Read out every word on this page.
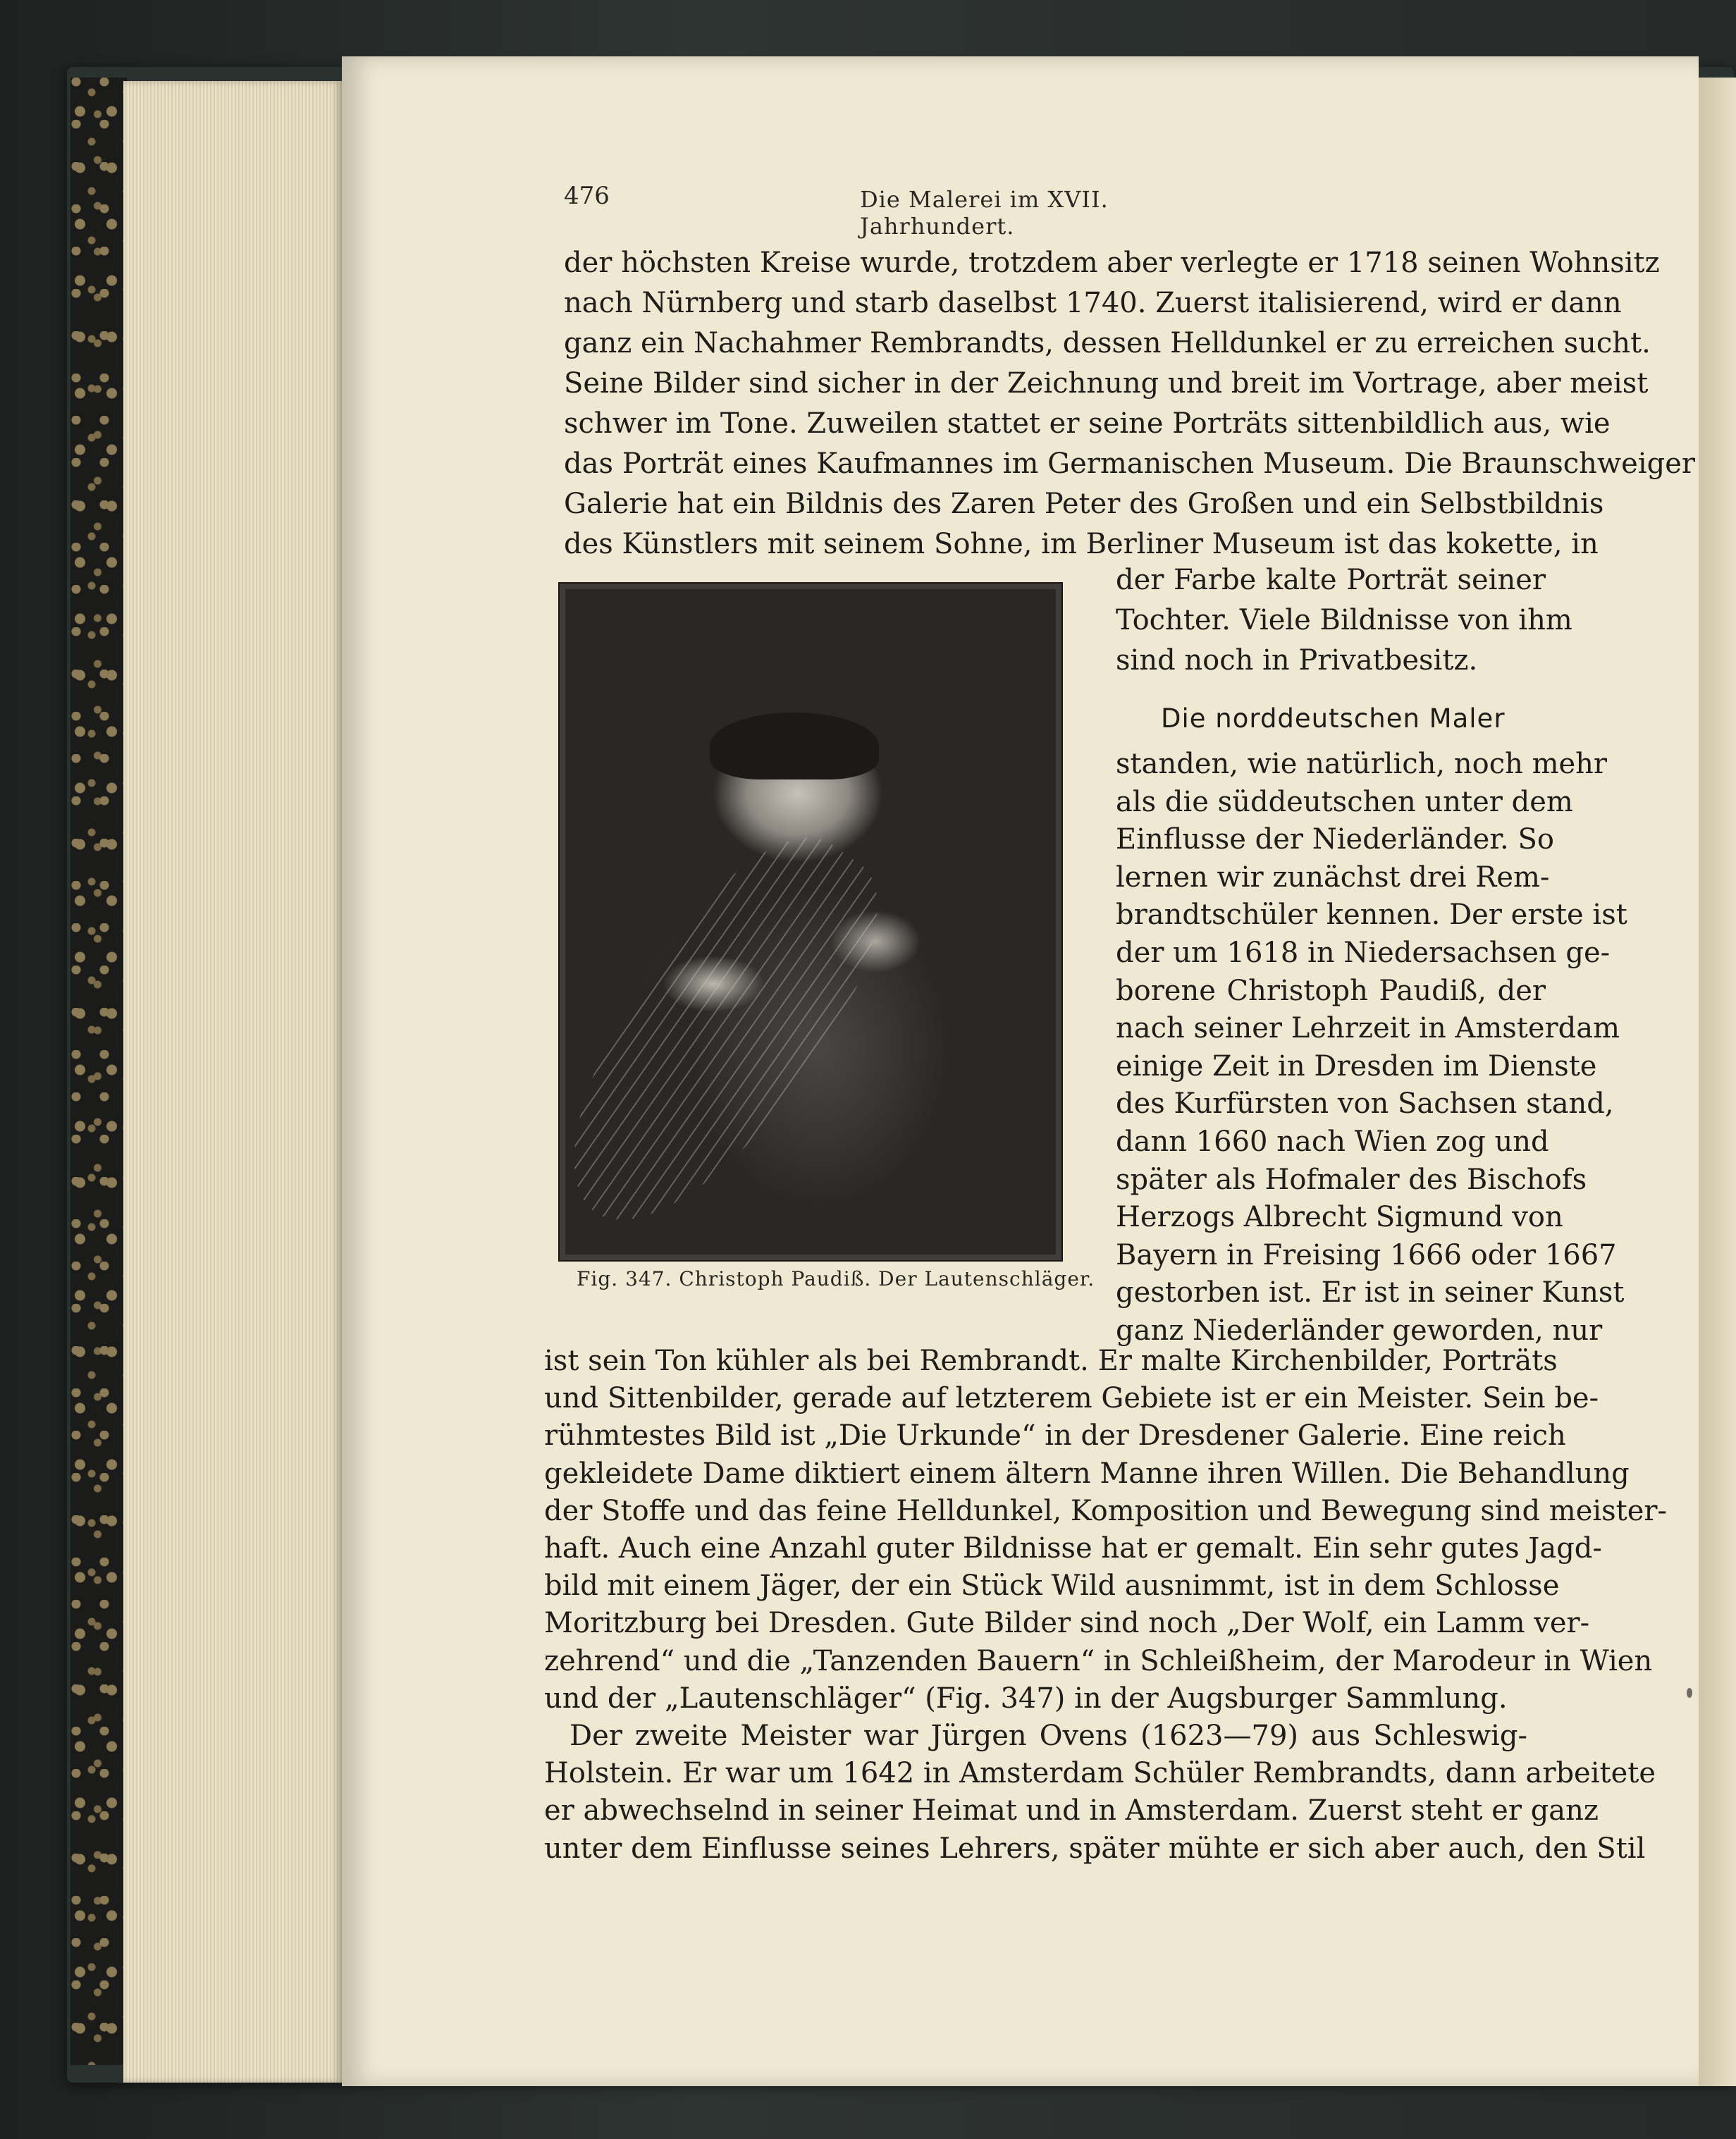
476	Die Malerei im XVII. Jahrhundert.
der höchsten Kreise wurde, trotzdem aber verlegte er 1718 seinen Wohnsitz
nach Nürnberg und starb daselbst 1740. Zuerst italisierend, wird er dann
ganz ein Nachahmer Rembrandts, dessen Helldunkel er zu erreichen sucht.
Seine Bilder sind sicher in der Zeichnung und breit im Vortrage, aber meist
schwer im Tone. Zuweilen stattet er seine Porträts sittenbildlich aus, wie
das Porträt eines Kaufmannes im Germanischen Museum. Die Braunschweiger
Galerie hat ein Bildnis des Zaren Peter des Großen und ein Selbstbildnis
des Künstlers mit seinem Sohne, im Berliner Museum ist das kokette, in
der Farbe kalte Porträt seiner
Tochter. Viele Bildnisse von ihm
sind noch in Privatbesitz.
Die norddeutschen Maler
standen, wie natürlich, noch mehr
als die süddeutschen unter dem
Einflusse der Niederländer. So
lernen wir zunächst drei Rem-
brandtschüler kennen. Der erste ist
der um 1618 in Niedersachsen ge-
borene Christoph Paudiß, der
nach seiner Lehrzeit in Amsterdam
einige Zeit in Dresden im Dienste
des Kurfürsten von Sachsen stand,
dann 1660 nach Wien zog und
später als Hofmaler des Bischofs
Herzogs Albrecht Sigmund von
Bayern in Freising 1666 oder 1667
gestorben ist. Er ist in seiner Kunst
ganz Niederländer geworden, nur
Fig. 347. Christoph Paudiß. Der Lautenschläger.
ist sein Ton kühler als bei Rembrandt. Er malte Kirchenbilder, Porträts
und Sittenbilder, gerade auf letzterem Gebiete ist er ein Meister. Sein be-
rühmtestes Bild ist „Die Urkunde“ in der Dresdener Galerie. Eine reich
gekleidete Dame diktiert einem ältern Manne ihren Willen. Die Behandlung
der Stoffe und das feine Helldunkel, Komposition und Bewegung sind meister-
haft. Auch eine Anzahl guter Bildnisse hat er gemalt. Ein sehr gutes Jagd-
bild mit einem Jäger, der ein Stück Wild ausnimmt, ist in dem Schlosse
Moritzburg bei Dresden. Gute Bilder sind noch „Der Wolf, ein Lamm ver-
zehrend“ und die „Tanzenden Bauern“ in Schleißheim, der Marodeur in Wien
und der „Lautenschläger“ (Fig. 347) in der Augsburger Sammlung.
Der zweite Meister war Jürgen Ovens (1623—79) aus Schleswig-
Holstein. Er war um 1642 in Amsterdam Schüler Rembrandts, dann arbeitete
er abwechselnd in seiner Heimat und in Amsterdam. Zuerst steht er ganz
unter dem Einflusse seines Lehrers, später mühte er sich aber auch, den Stil
